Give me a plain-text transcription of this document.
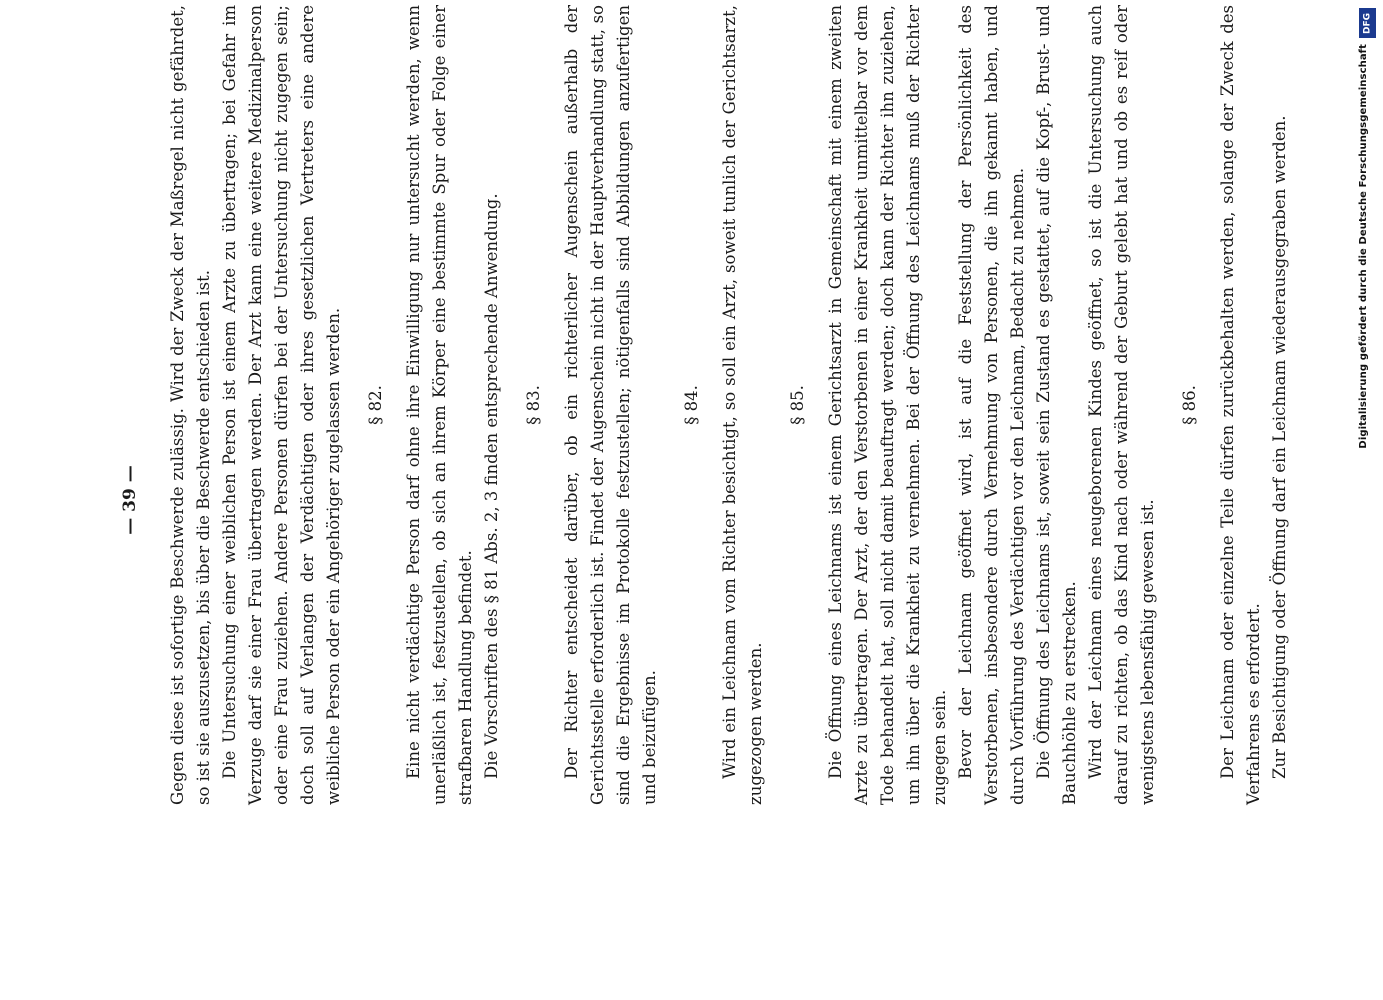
Gegen diese ist sofortige Beschwerde zulässig. Wird der Zweck der Maßregel nicht gefährdet, so ist sie auszusetzen, bis über die Beschwerde entschieden ist. Die Untersuchung einer weiblichen Person ist einem Arzte zu übertragen; bei Gefahr im Verzuge darf sie einer Frau übertragen werden. Der Arzt kann eine weitere Medizinalperson oder eine Frau zuziehen. Andere Personen dürfen bei der Untersuchung nicht zugegen sein; doch soll auf Verlangen der Verdächtigen oder ihres gesetzlichen Vertreters eine andere weibliche Person oder ein Angehöriger zugelassen werden. § 82. Eine nicht verdächtige Person darf ohne ihre Einwilligung nur untersucht werden, wenn unerläßlich ist, festzustellen, ob sich an ihrem Körper eine bestimmte Spur oder Folge einer strafbaren Handlung befindet. Die Vorschriften des § 81 Abs. 2, 3 finden entsprechende Anwendung. § 83. Der Richter entscheidet darüber, ob ein richterlicher Augenschein außerhalb der Gerichtsstelle erforderlich ist. Findet der Augenschein nicht in der Hauptverhandlung statt, so sind die Ergebnisse im Protokolle festzustellen; nötigenfalls sind Abbildungen anzufertigen und beizufügen.

§ 84. Wird ein Leichnam vom Richter besichtigt, so soll ein Arzt, soweit tunlich der Gerichtsarzt, zugezogen werden.

§ 85. Die Öffnung eines Leichnams ist einem Gerichtsarzt in Gemeinschaft mit einem zweiten Arzte zu übertragen. Der Arzt, der den Verstorbenen in einer Krankheit unmittelbar vor dem Tode behandelt hat, soll nicht damit beauftragt werden; doch kann der Richter ihn zuziehen, um ihn über die Krankheit zu vernehmen. Bei der Öffnung des Leichnams muß der Richter zugegen sein. Bevor der Leichnam geöffnet wird, ist auf die Feststellung der Persönlichkeit des Verstorbenen, insbesondere durch Vernehmung von Personen, die ihn gekannt haben, und durch Vorführung des Verdächtigen vor den Leichnam, Bedacht zu nehmen. Die Öffnung des Leichnams ist, soweit sein Zustand es gestattet, auf die Kopf-, Brust- und Bauchhöhle zu erstrecken. Wird der Leichnam eines neugeborenen Kindes geöffnet, so ist die Untersuchung auch darauf zu richten, ob das Kind nach oder während der Geburt gelebt hat und ob es reif oder wenigstens lebensfähig gewesen ist.

§ 86. Der Leichnam oder einzelne Teile dürfen zurückbehalten werden, solange der Zweck des Verfahrens es erfordert. Zur Besichtigung oder Öffnung darf ein Leichnam wiederausgegraben werden.

— 39 —
DFG
Digitalisierung gefördert durch die Deutsche Forschungsgemeinschaft
